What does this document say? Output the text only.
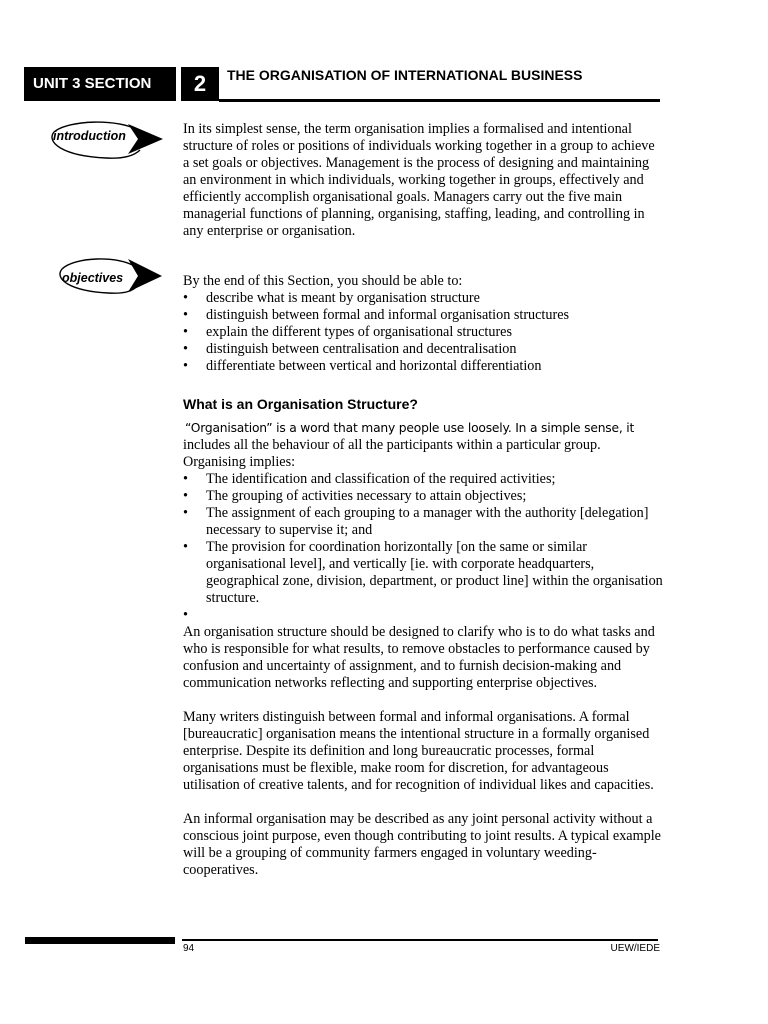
UNIT 3 SECTION	2	THE ORGANISATION OF INTERNATIONAL BUSINESS
introduction
objectives

In its simplest sense, the term organisation implies a formalised and intentional structure of roles or positions of individuals working together in a group to achieve a set goals or objectives. Management is the process of designing and maintaining an environment in which individuals, working together in groups, effectively and efficiently accomplish organisational goals. Managers carry out the five main managerial functions of planning, organising, staffing, leading, and controlling in any enterprise or organisation.

By the end of this Section, you should be able to:

• describe what is meant by organisation structure
• distinguish between formal and informal organisation structures
• explain the different types of organisational structures
• distinguish between centralisation and decentralisation
• differentiate between vertical and horizontal differentiation
What is an Organisation Structure?

“Organisation” is a word that many people use loosely. In a simple sense, it

includes all the behaviour of all the participants within a particular group. Organising implies:

• The identification and classification of the required activities;
• The grouping of activities necessary to attain objectives;
• The assignment of each grouping to a manager with the authority [delegation] necessary to supervise it; and
• The provision for coordination horizontally [on the same or similar organisational level], and vertically [ie. with corporate headquarters, geographical zone, division, department, or product line] within the organisation structure.
•

An organisation structure should be designed to clarify who is to do what tasks and who is responsible for what results, to remove obstacles to performance caused by confusion and uncertainty of assignment, and to furnish decision-making and communication networks reflecting and supporting enterprise objectives.

Many writers distinguish between formal and informal organisations. A formal [bureaucratic] organisation means the intentional structure in a formally organised enterprise. Despite its definition and long bureaucratic processes, formal organisations must be flexible, make room for discretion, for advantageous utilisation of creative talents, and for recognition of individual likes and capacities.

An informal organisation may be described as any joint personal activity without a conscious joint purpose, even though contributing to joint results. A typical example will be a grouping of community farmers engaged in voluntary weeding-cooperatives.

94	UEW/IEDE
